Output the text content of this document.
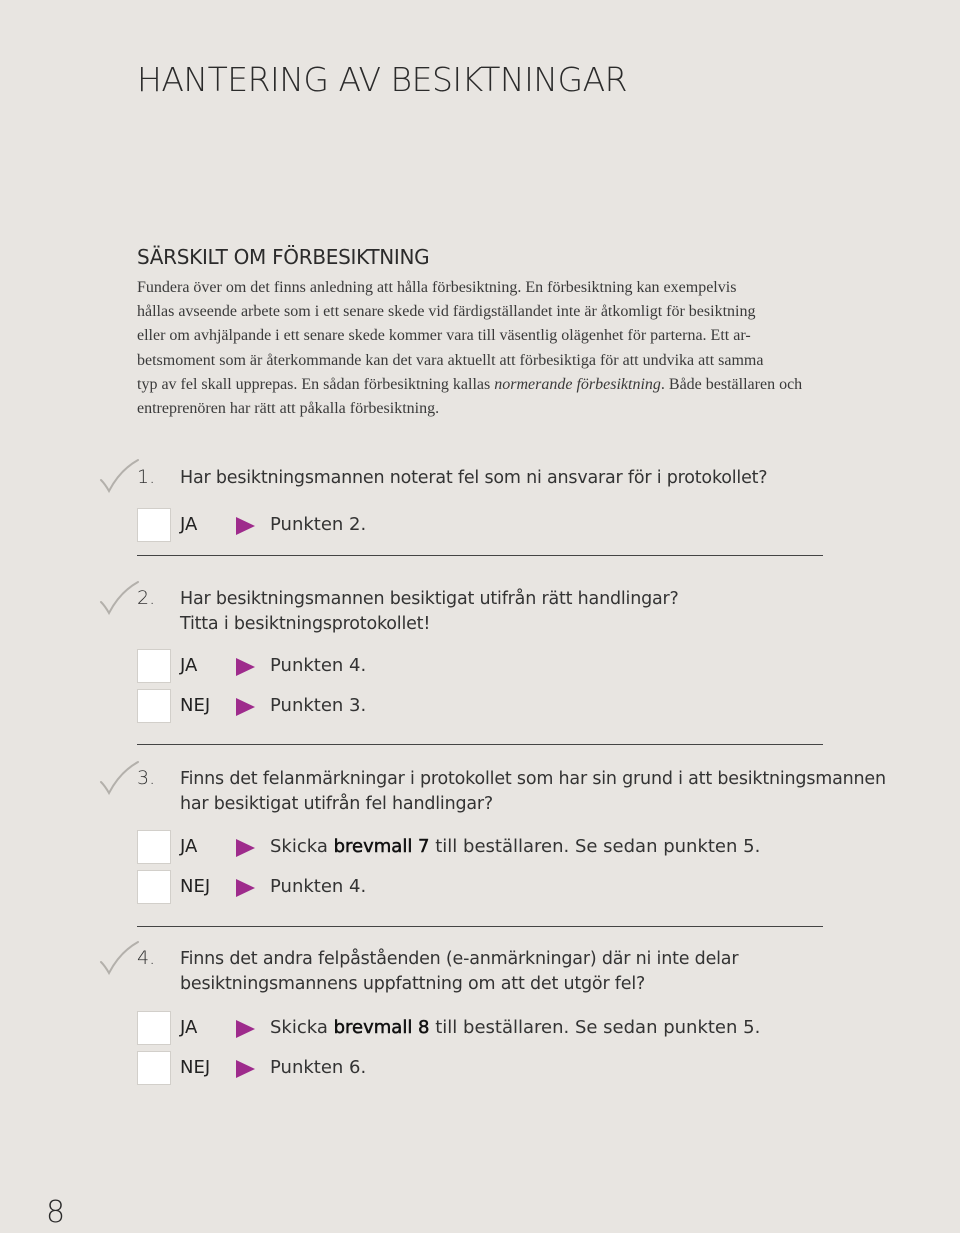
HANTERING AV BESIKTNINGAR
SÄRSKILT OM FÖRBESIKTNING

Fundera över om det finns anledning att hålla förbesiktning. En förbesiktning kan exempelvis
hållas avseende arbete som i ett senare skede vid färdigställandet inte är åtkomligt för besiktning
eller om avhjälpande i ett senare skede kommer vara till väsentlig olägenhet för parterna. Ett ar-
betsmoment som är återkommande kan det vara aktuellt att förbesiktiga för att undvika att samma
typ av fel skall upprepas. En sådan förbesiktning kallas normerande förbesiktning. Både beställaren och
entreprenören har rätt att påkalla förbesiktning.

1. Har besiktningsmannen noterat fel som ni ansvarar för i protokollet?
JA	Punkten 2.
2. Har besiktningsmannen besiktigat utifrån rätt handlingar?
Titta i besiktningsprotokollet!
JA	Punkten 4.
NEJ	Punkten 3.
3. Finns det felanmärkningar i protokollet som har sin grund i att besiktningsmannen
har besiktigat utifrån fel handlingar?
JA	Skicka brevmall 7 till beställaren. Se sedan punkten 5.
NEJ	Punkten 4.
4. Finns det andra felpåståenden (e-anmärkningar) där ni inte delar
besiktningsmannens uppfattning om att det utgör fel?
JA	Skicka brevmall 8 till beställaren. Se sedan punkten 5.
NEJ	Punkten 6.
8
